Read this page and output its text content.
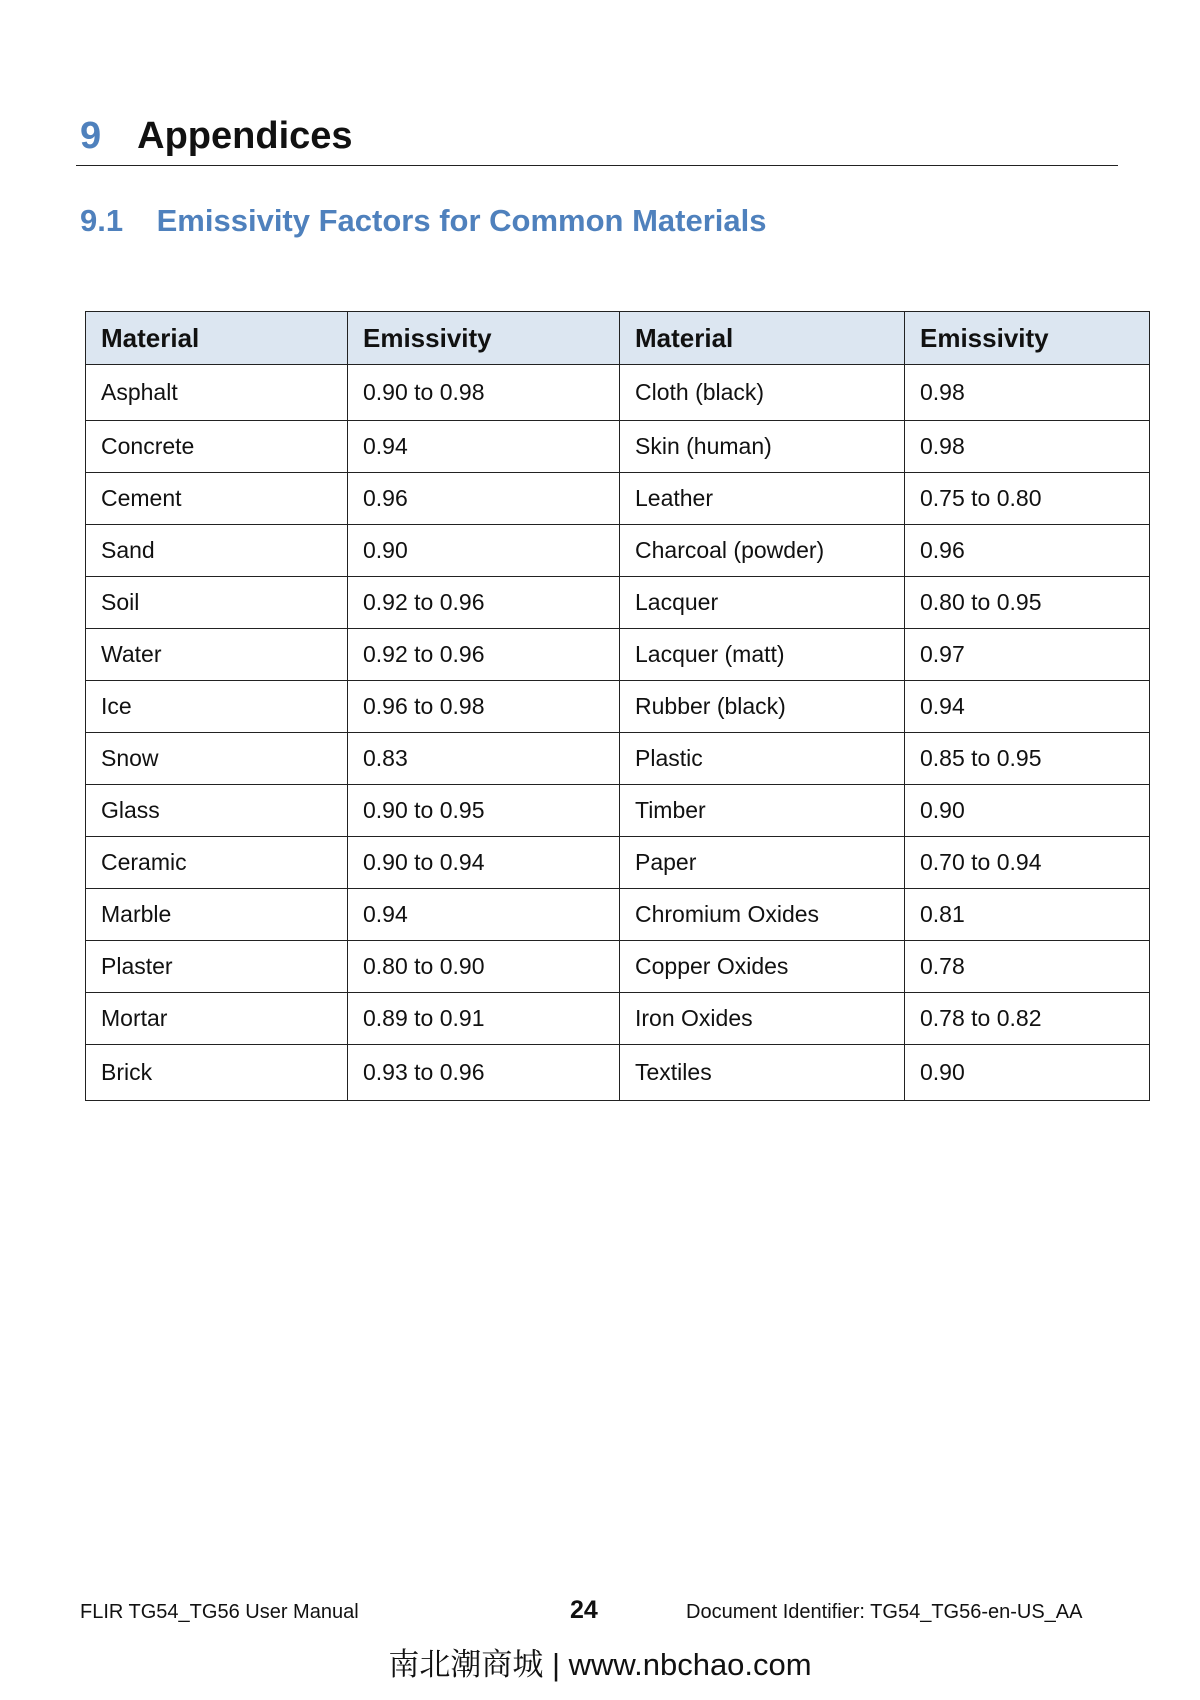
9 Appendices
9.1 Emissivity Factors for Common Materials
Material	Emissivity	Material	Emissivity
Asphalt	0.90 to 0.98	Cloth (black)	0.98
Concrete	0.94	Skin (human)	0.98
Cement	0.96	Leather	0.75 to 0.80
Sand	0.90	Charcoal (powder)	0.96
Soil	0.92 to 0.96	Lacquer	0.80 to 0.95
Water	0.92 to 0.96	Lacquer (matt)	0.97
Ice	0.96 to 0.98	Rubber (black)	0.94
Snow	0.83	Plastic	0.85 to 0.95
Glass	0.90 to 0.95	Timber	0.90
Ceramic	0.90 to 0.94	Paper	0.70 to 0.94
Marble	0.94	Chromium Oxides	0.81
Plaster	0.80 to 0.90	Copper Oxides	0.78
Mortar	0.89 to 0.91	Iron Oxides	0.78 to 0.82
Brick	0.93 to 0.96	Textiles	0.90
FLIR TG54_TG56 User Manual	24	Document Identifier: TG54_TG56-en-US_AA
南北潮商城 | www.nbchao.com
